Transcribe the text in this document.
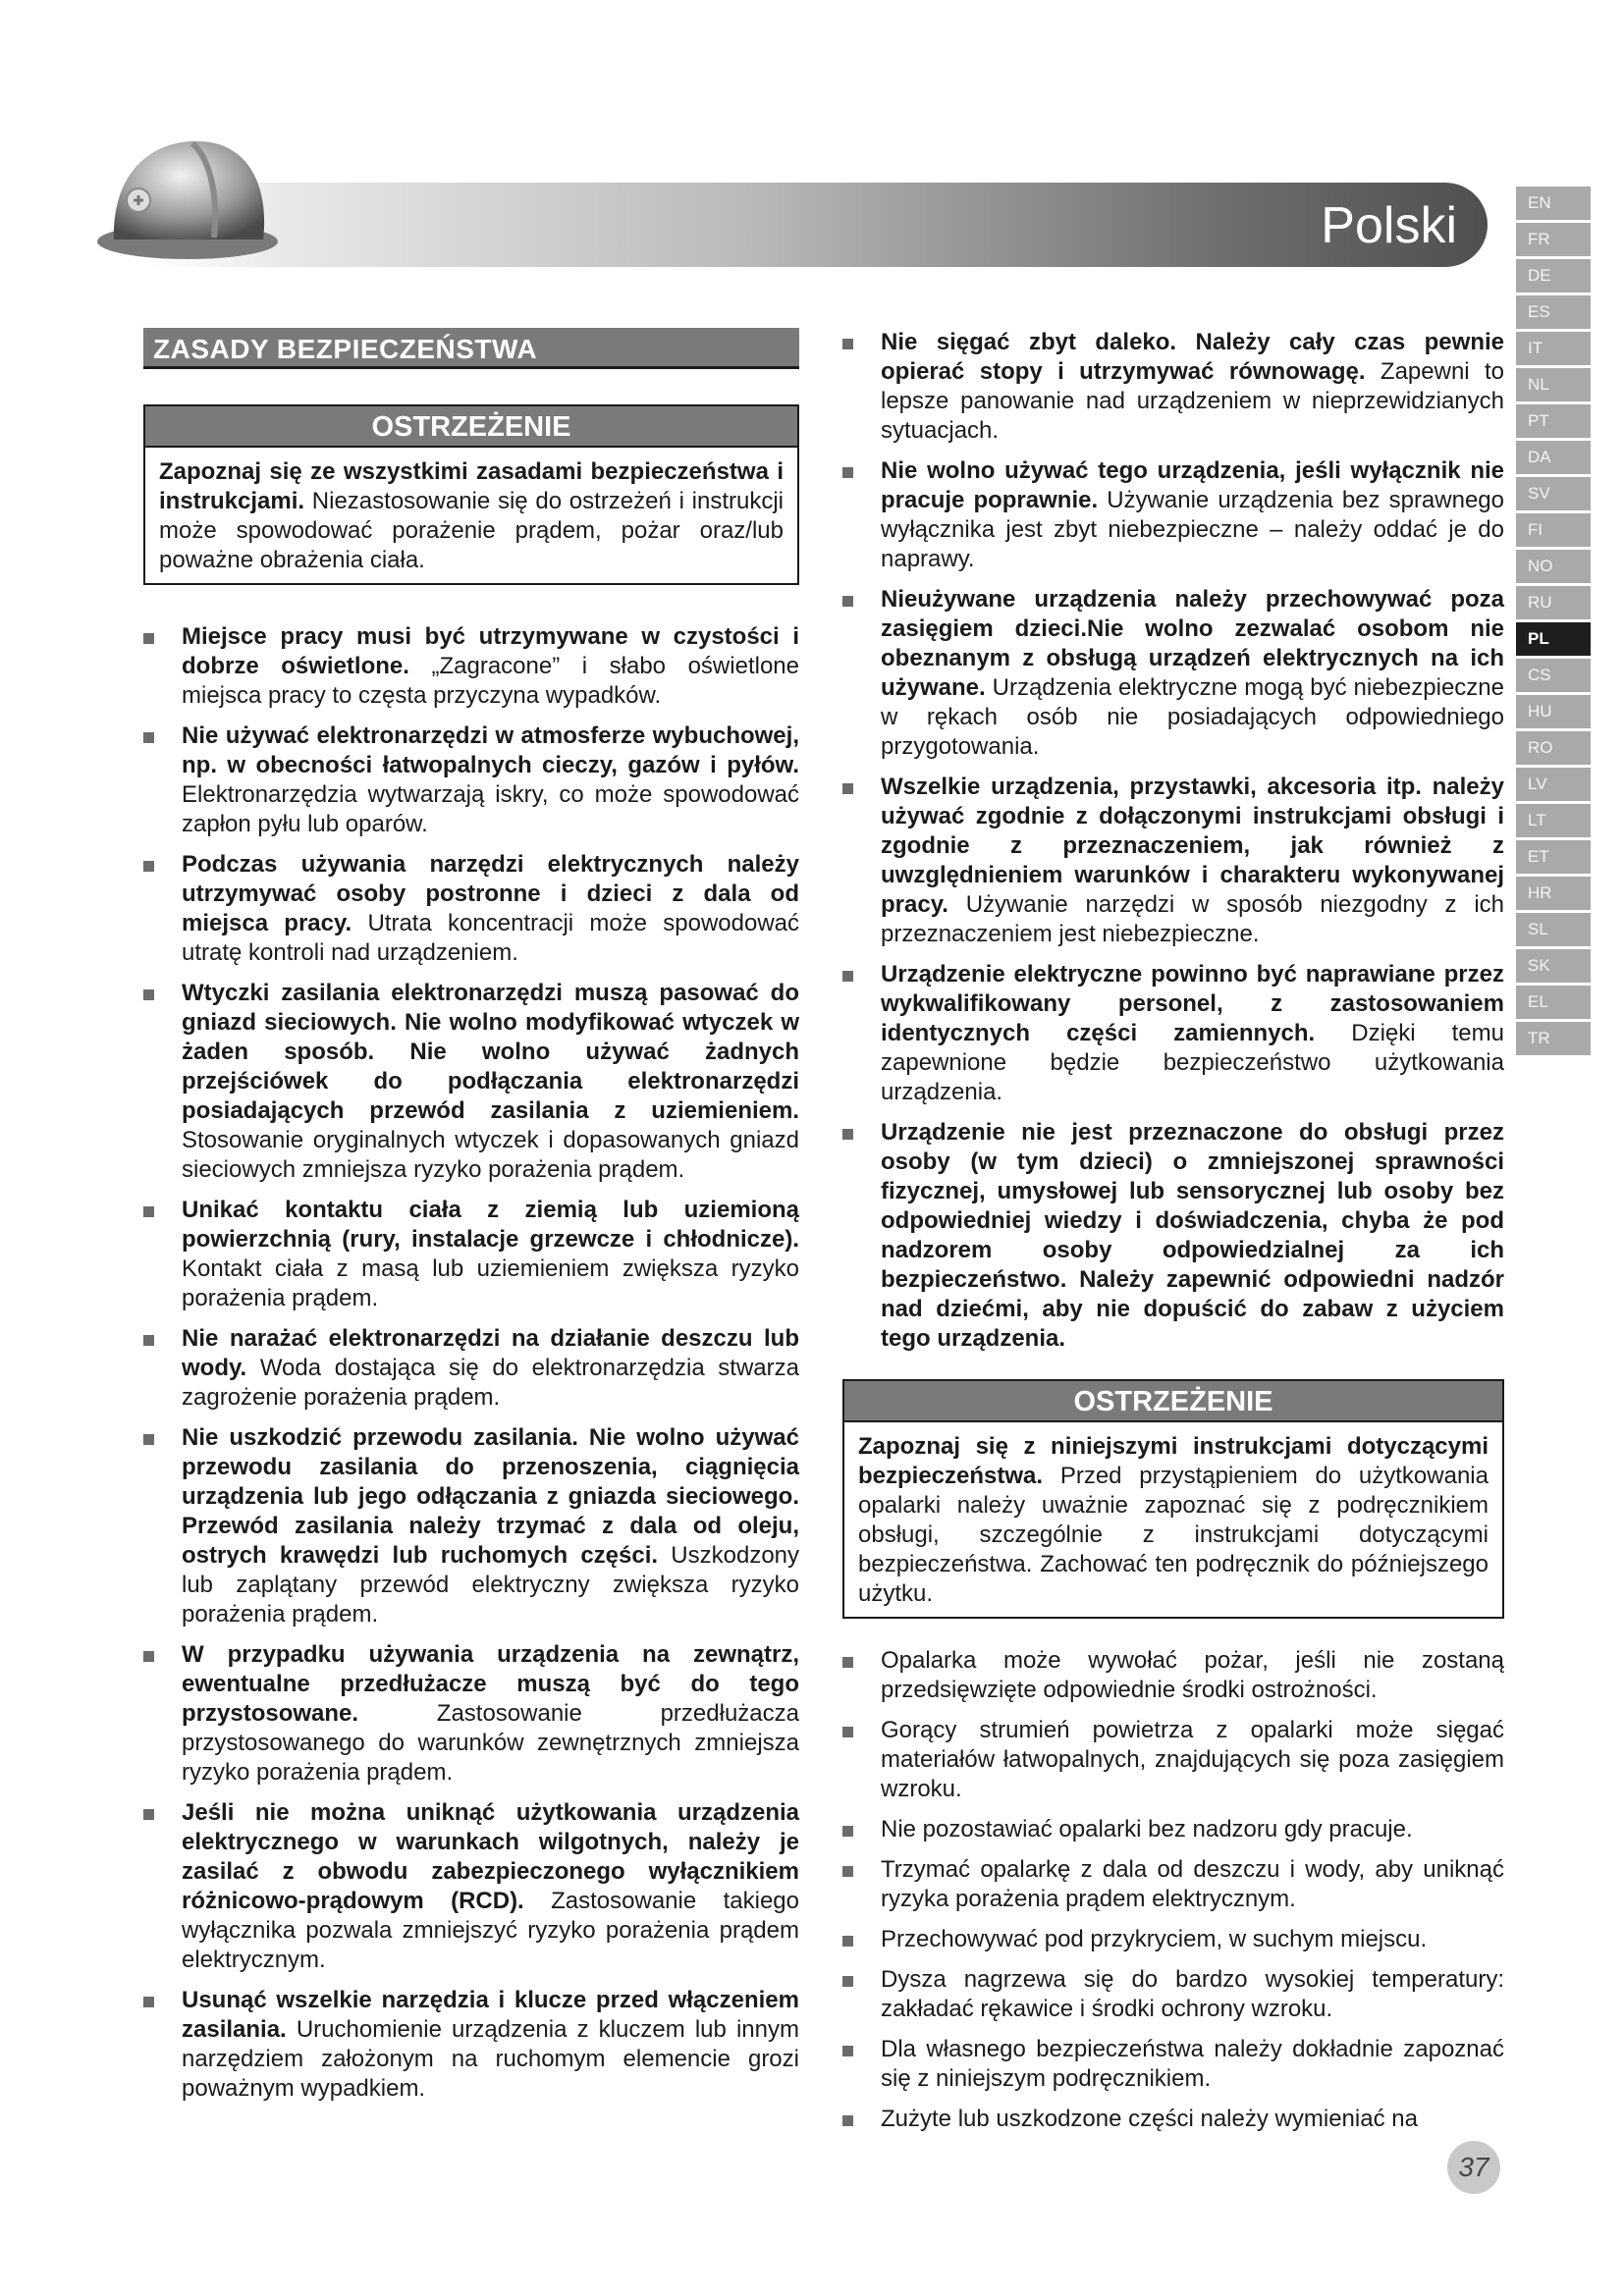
Polski	EN
FR
DE
ES
IT
NL
PT
DA
SV
FI
NO
RU
PL
CS
HU
RO
LV
LT
ET
HR
SL
SK
EL
TR
ZASADY BEZPIECZEŃSTWA
OSTRZEŻENIE
Zapoznaj się ze wszystkimi zasadami bezpieczeństwa i instrukcjami. Niezastosowanie się do ostrzeżeń i instrukcji może spowodować porażenie prądem, pożar oraz/lub poważne obrażenia ciała.
Miejsce pracy musi być utrzymywane w czystości i dobrze oświetlone. „Zagracone” i słabo oświetlone miejsca pracy to częsta przyczyna wypadków.
Nie używać elektronarzędzi w atmosferze wybuchowej, np. w obecności łatwopalnych cieczy, gazów i pyłów. Elektronarzędzia wytwarzają iskry, co może spowodować zapłon pyłu lub oparów.
Podczas używania narzędzi elektrycznych należy utrzymywać osoby postronne i dzieci z dala od miejsca pracy. Utrata koncentracji może spowodować utratę kontroli nad urządzeniem.
Wtyczki zasilania elektronarzędzi muszą pasować do gniazd sieciowych. Nie wolno modyfikować wtyczek w żaden sposób. Nie wolno używać żadnych przejściówek do podłączania elektronarzędzi posiadających przewód zasilania z uziemieniem. Stosowanie oryginalnych wtyczek i dopasowanych gniazd sieciowych zmniejsza ryzyko porażenia prądem.
Unikać kontaktu ciała z ziemią lub uziemioną powierzchnią (rury, instalacje grzewcze i chłodnicze). Kontakt ciała z masą lub uziemieniem zwiększa ryzyko porażenia prądem.
Nie narażać elektronarzędzi na działanie deszczu lub wody. Woda dostająca się do elektronarzędzia stwarza zagrożenie porażenia prądem.
Nie uszkodzić przewodu zasilania. Nie wolno używać przewodu zasilania do przenoszenia, ciągnięcia urządzenia lub jego odłączania z gniazda sieciowego. Przewód zasilania należy trzymać z dala od oleju, ostrych krawędzi lub ruchomych części. Uszkodzony lub zaplątany przewód elektryczny zwiększa ryzyko porażenia prądem.
W przypadku używania urządzenia na zewnątrz, ewentualne przedłużacze muszą być do tego przystosowane. Zastosowanie przedłużacza przystosowanego do warunków zewnętrznych zmniejsza ryzyko porażenia prądem.
Jeśli nie można uniknąć użytkowania urządzenia elektrycznego w warunkach wilgotnych, należy je zasilać z obwodu zabezpieczonego wyłącznikiem różnicowo-prądowym (RCD). Zastosowanie takiego wyłącznika pozwala zmniejszyć ryzyko porażenia prądem elektrycznym.
Usunąć wszelkie narzędzia i klucze przed włączeniem zasilania. Uruchomienie urządzenia z kluczem lub innym narzędziem założonym na ruchomym elemencie grozi poważnym wypadkiem.
Nie sięgać zbyt daleko. Należy cały czas pewnie opierać stopy i utrzymywać równowagę. Zapewni to lepsze panowanie nad urządzeniem w nieprzewidzianych sytuacjach.
Nie wolno używać tego urządzenia, jeśli wyłącznik nie pracuje poprawnie. Używanie urządzenia bez sprawnego wyłącznika jest zbyt niebezpieczne – należy oddać je do naprawy.
Nieużywane urządzenia należy przechowywać poza zasięgiem dzieci.Nie wolno zezwalać osobom nie obeznanym z obsługą urządzeń elektrycznych na ich używane. Urządzenia elektryczne mogą być niebezpieczne w rękach osób nie posiadających odpowiedniego przygotowania.
Wszelkie urządzenia, przystawki, akcesoria itp. należy używać zgodnie z dołączonymi instrukcjami obsługi i zgodnie z przeznaczeniem, jak również z uwzględnieniem warunków i charakteru wykonywanej pracy. Używanie narzędzi w sposób niezgodny z ich przeznaczeniem jest niebezpieczne.
Urządzenie elektryczne powinno być naprawiane przez wykwalifikowany personel, z zastosowaniem identycznych części zamiennych. Dzięki temu zapewnione będzie bezpieczeństwo użytkowania urządzenia.
Urządzenie nie jest przeznaczone do obsługi przez osoby (w tym dzieci) o zmniejszonej sprawności fizycznej, umysłowej lub sensorycznej lub osoby bez odpowiedniej wiedzy i doświadczenia, chyba że pod nadzorem osoby odpowiedzialnej za ich bezpieczeństwo. Należy zapewnić odpowiedni nadzór nad dziećmi, aby nie dopuścić do zabaw z użyciem tego urządzenia.
OSTRZEŻENIE
Zapoznaj się z niniejszymi instrukcjami dotyczącymi bezpieczeństwa. Przed przystąpieniem do użytkowania opalarki należy uważnie zapoznać się z podręcznikiem obsługi, szczególnie z instrukcjami dotyczącymi bezpieczeństwa. Zachować ten podręcznik do późniejszego użytku.
Opalarka może wywołać pożar, jeśli nie zostaną przedsięwzięte odpowiednie środki ostrożności.
Gorący strumień powietrza z opalarki może sięgać materiałów łatwopalnych, znajdujących się poza zasięgiem wzroku.
Nie pozostawiać opalarki bez nadzoru gdy pracuje.
Trzymać opalarkę z dala od deszczu i wody, aby uniknąć ryzyka porażenia prądem elektrycznym.
Przechowywać pod przykryciem, w suchym miejscu.
Dysza nagrzewa się do bardzo wysokiej temperatury: zakładać rękawice i środki ochrony wzroku.
Dla własnego bezpieczeństwa należy dokładnie zapoznać się z niniejszym podręcznikiem.
Zużyte lub uszkodzone części należy wymieniać na
37
